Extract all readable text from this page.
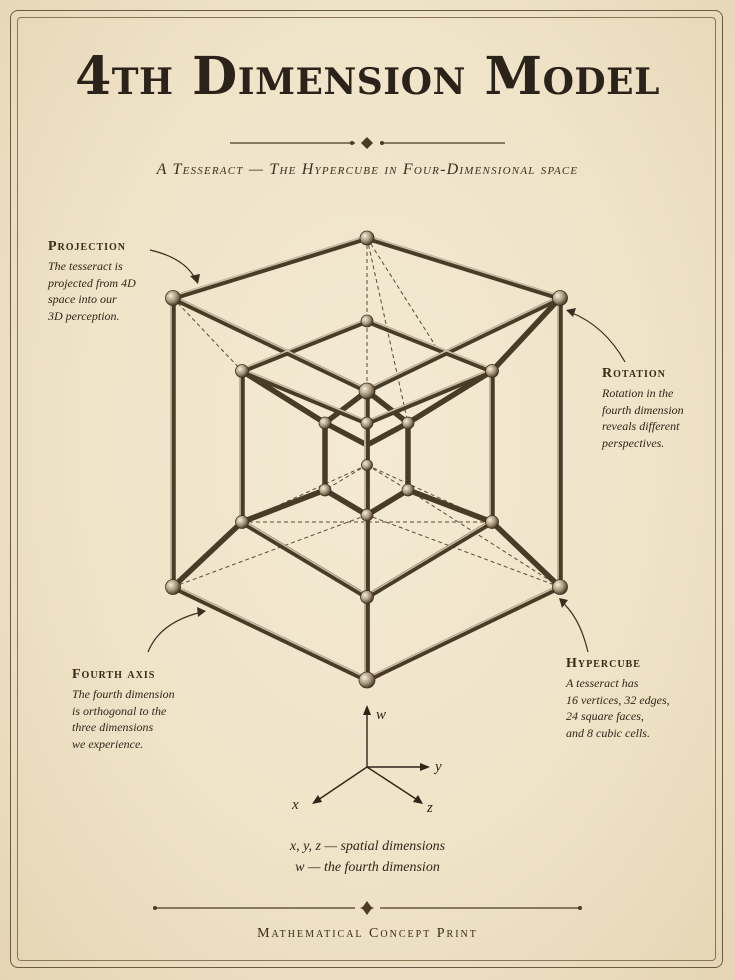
4th Dimension Model
A Tesseract — The Hypercube in Four-Dimensional space
w
y
x	z
Projection
The tesseract is
projected from 4D
space into our
3D perception.
Rotation
Rotation in the
fourth dimension
reveals different
perspectives.
Fourth axis
The fourth dimension
is orthogonal to the
three dimensions
we experience.
Hypercube
A tesseract has
16 vertices, 32 edges,
24 square faces,
and 8 cubic cells.
x, y, z — spatial dimensions
w — the fourth dimension
Mathematical Concept Print
